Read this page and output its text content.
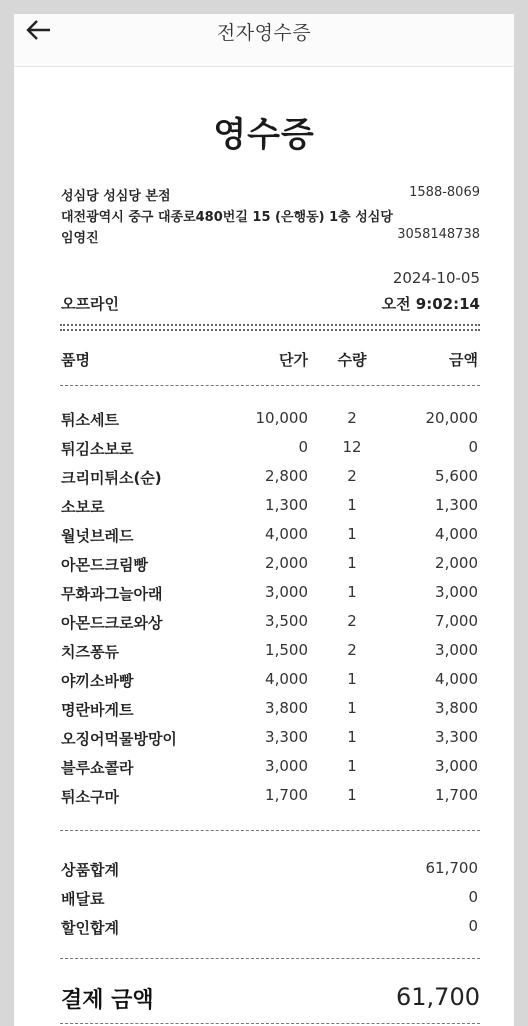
전자영수증
영수증
성심당 성심당 본점	1588-8069
대전광역시 중구 대종로480번길 15 (은행동) 1층 성심당
임영진	3058148738
2024-10-05
오프라인	오전 9:02:14
품명	단가	수량	금액
튀소세트	10,000	2	20,000
튀김소보로	0	12	0
크리미튀소(순)	2,800	2	5,600
소보로	1,300	1	1,300
월넛브레드	4,000	1	4,000
아몬드크림빵	2,000	1	2,000
무화과그늘아래	3,000	1	3,000
아몬드크로와상	3,500	2	7,000
치즈퐁듀	1,500	2	3,000
야끼소바빵	4,000	1	4,000
명란바게트	3,800	1	3,800
오징어먹물방망이	3,300	1	3,300
블루쇼콜라	3,000	1	3,000
튀소구마	1,700	1	1,700
상품합계	61,700
배달료	0
할인합계	0
결제 금액	61,700
